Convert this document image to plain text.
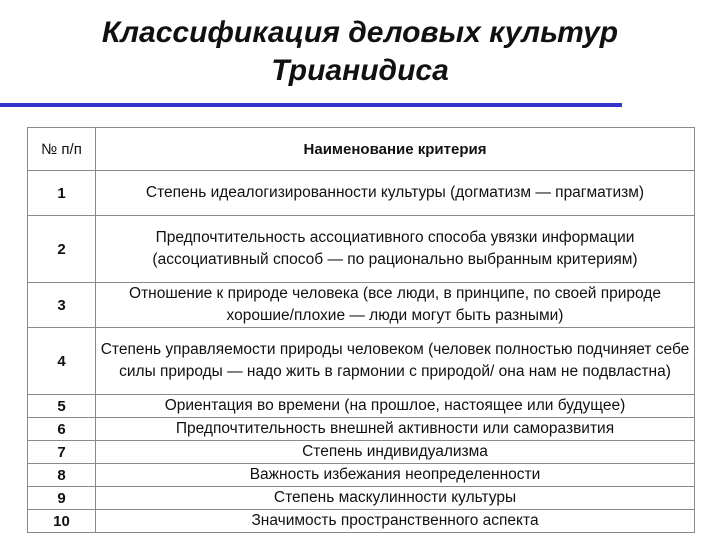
Классификация деловых культур
Трианидиса
№ п/п	Наименование критерия
1	Степень идеалогизированности культуры (догматизм — прагматизм)
2	Предпочтительность ассоциативного способа увязки информации (ассоциативный способ — по рационально выбранным критериям)
3	Отношение к природе человека (все люди, в принципе, по своей природе хорошие/плохие — люди могут быть разными)
4	Степень управляемости природы человеком (человек полностью подчиняет себе силы природы — надо жить в гармонии с природой/ она нам не подвластна)
5	Ориентация во времени (на прошлое, настоящее или будущее)
6	Предпочтительность внешней активности или саморазвития
7	Степень индивидуализма
8	Важность избежания неопределенности
9	Степень маскулинности культуры
10	Значимость пространственного аспекта
